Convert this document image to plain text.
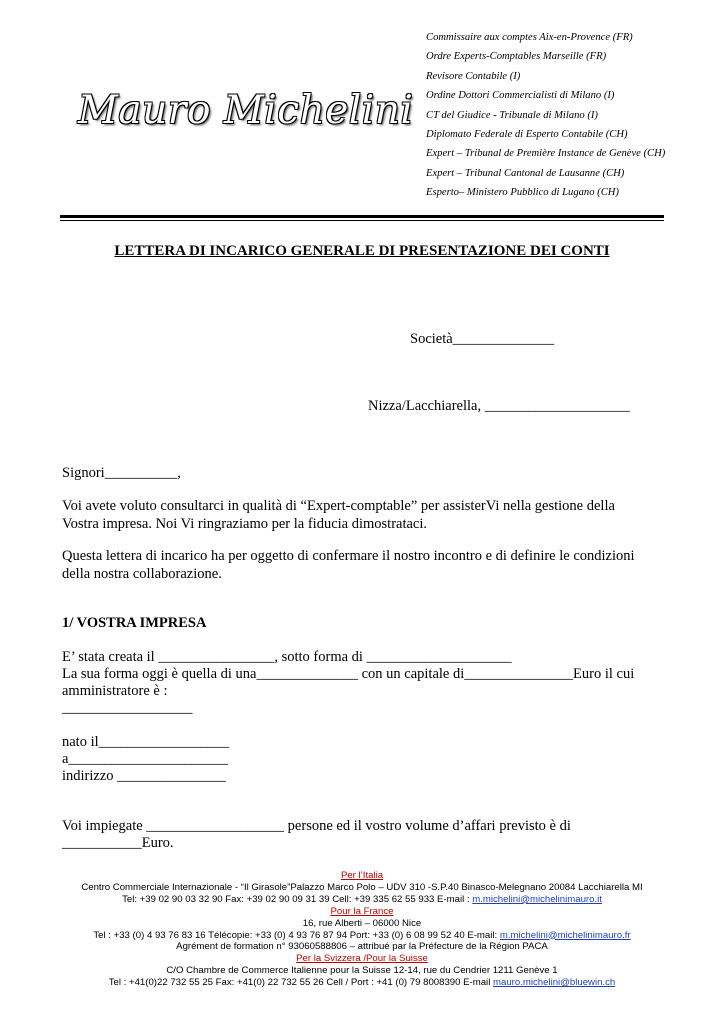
Mauro Michelini
Commissaire aux comptes Aix-en-Provence (FR)
Ordre Experts-Comptables Marseille (FR)
Revisore Contabile (I)
Ordine Dottori Commercialisti di Milano (I)
CT del Giudice - Tribunale di Milano (I)
Diplomato Federale di Esperto Contabile (CH)
Expert – Tribunal de Première Instance de Genève (CH)
Expert – Tribunal Cantonal de Lausanne (CH)
Esperto– Ministero Pubblico di Lugano (CH)
LETTERA DI INCARICO GENERALE DI PRESENTAZIONE DEI CONTI
Società______________
Nizza/Lacchiarella, ____________________
Signori__________,
Voi avete voluto consultarci in qualità di “Expert-comptable” per assisterVi nella gestione della
Vostra impresa. Noi Vi ringraziamo per la fiducia dimostrataci.
Questa lettera di incarico ha per oggetto di confermare il nostro incontro e di definire le condizioni
della nostra collaborazione.
1/ VOSTRA IMPRESA
E’ stata creata il ________________, sotto forma di ____________________
La sua forma oggi è quella di una______________ con un capitale di_______________Euro il cui
amministratore è :
__________________
nato il__________________
a______________________
indirizzo _______________
Voi impiegate ___________________ persone ed il vostro volume d’affari previsto è di
___________Euro.
Per l’Italia
Centro Commerciale Internazionale - “Il Girasole”Palazzo Marco Polo – UDV 310 -S.P.40 Binasco-Melegnano 20084 Lacchiarella MI
Tel: +39 02 90 03 32 90 Fax: +39 02 90 09 31 39 Cell: +39 335 62 55 933 E-mail : m.michelini@michelinimauro.it
Pour la France
16, rue Alberti – 06000 Nice
Tel : +33 (0) 4 93 76 83 16 Télécopie: +33 (0) 4 93 76 87 94 Port: +33 (0) 6 08 99 52 40 E-mail: m.michelini@michelinimauro.fr
Agrément de formation n° 93060588806 – attribué par la Préfecture de la Région PACA
Per la Svizzera /Pour la Suisse
C/O Chambre de Commerce Italienne pour la Suisse 12-14, rue du Cendrier 1211 Genève 1
Tel : +41(0)22 732 55 25 Fax: +41(0) 22 732 55 26 Cell / Port : +41 (0) 79 8008390 E-mail mauro.michelini@bluewin.ch
